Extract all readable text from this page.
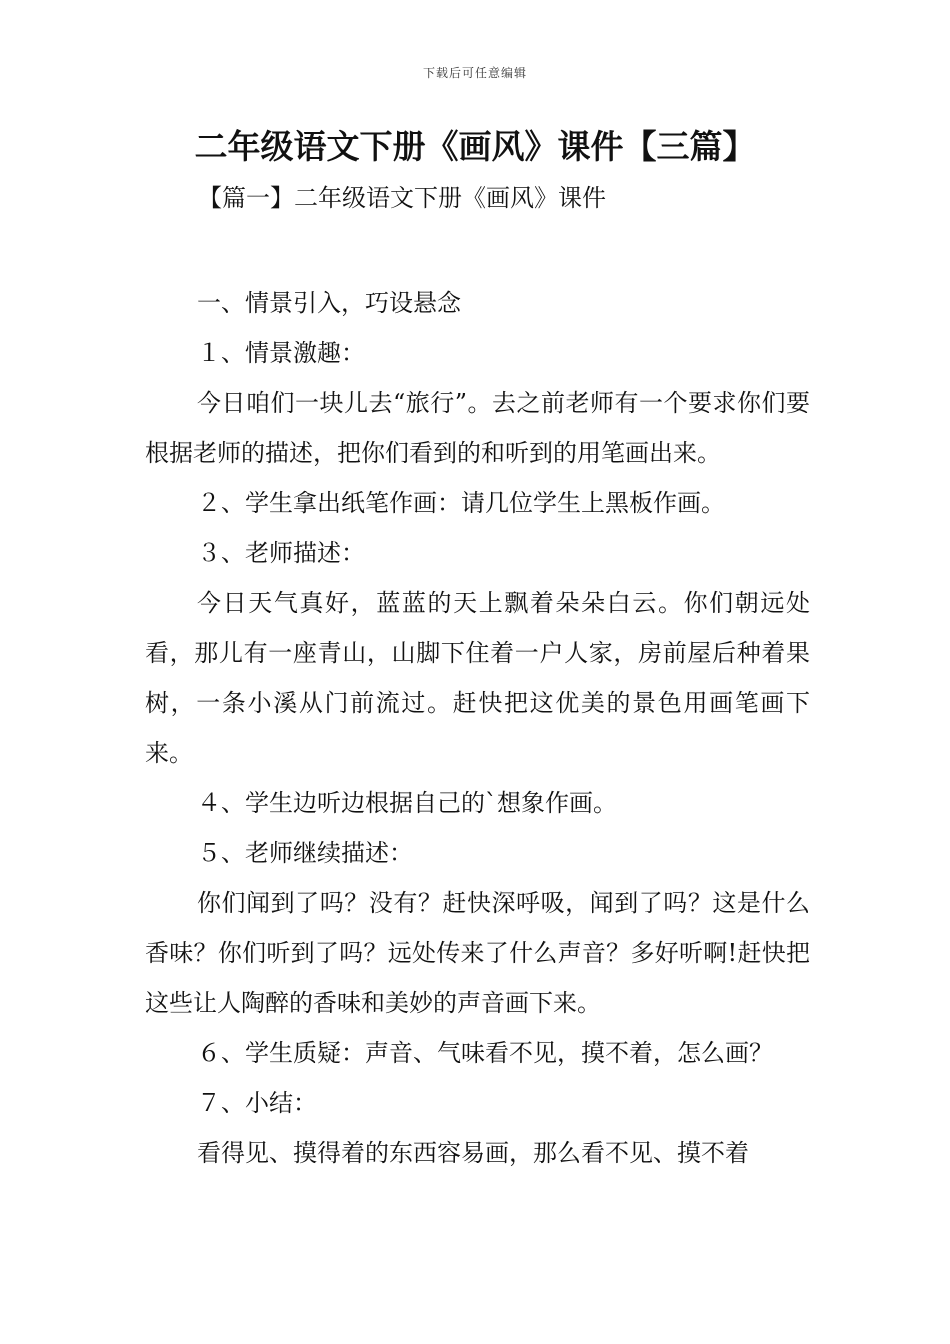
下载后可任意编辑
二年级语文下册《画风》课件【三篇】
【篇一】二年级语文下册《画风》课件

一、情景引入，巧设悬念

１、情景激趣：

今日咱们一块儿去“旅行”。去之前老师有一个要求你们要根据老师的描述，把你们看到的和听到的用笔画出来。

２、学生拿出纸笔作画：请几位学生上黑板作画。

３、老师描述：

今日天气真好，蓝蓝的天上飘着朵朵白云。你们朝远处看，那儿有一座青山，山脚下住着一户人家，房前屋后种着果树，一条小溪从门前流过。赶快把这优美的景色用画笔画下来。

４、学生边听边根据自己的`想象作画。

５、老师继续描述：

你们闻到了吗？没有？赶快深呼吸，闻到了吗？这是什么香味？你们听到了吗？远处传来了什么声音？多好听啊!赶快把这些让人陶醉的香味和美妙的声音画下来。

６、学生质疑：声音、气味看不见，摸不着，怎么画？

７、小结：

看得见、摸得着的东西容易画，那么看不见、摸不着
